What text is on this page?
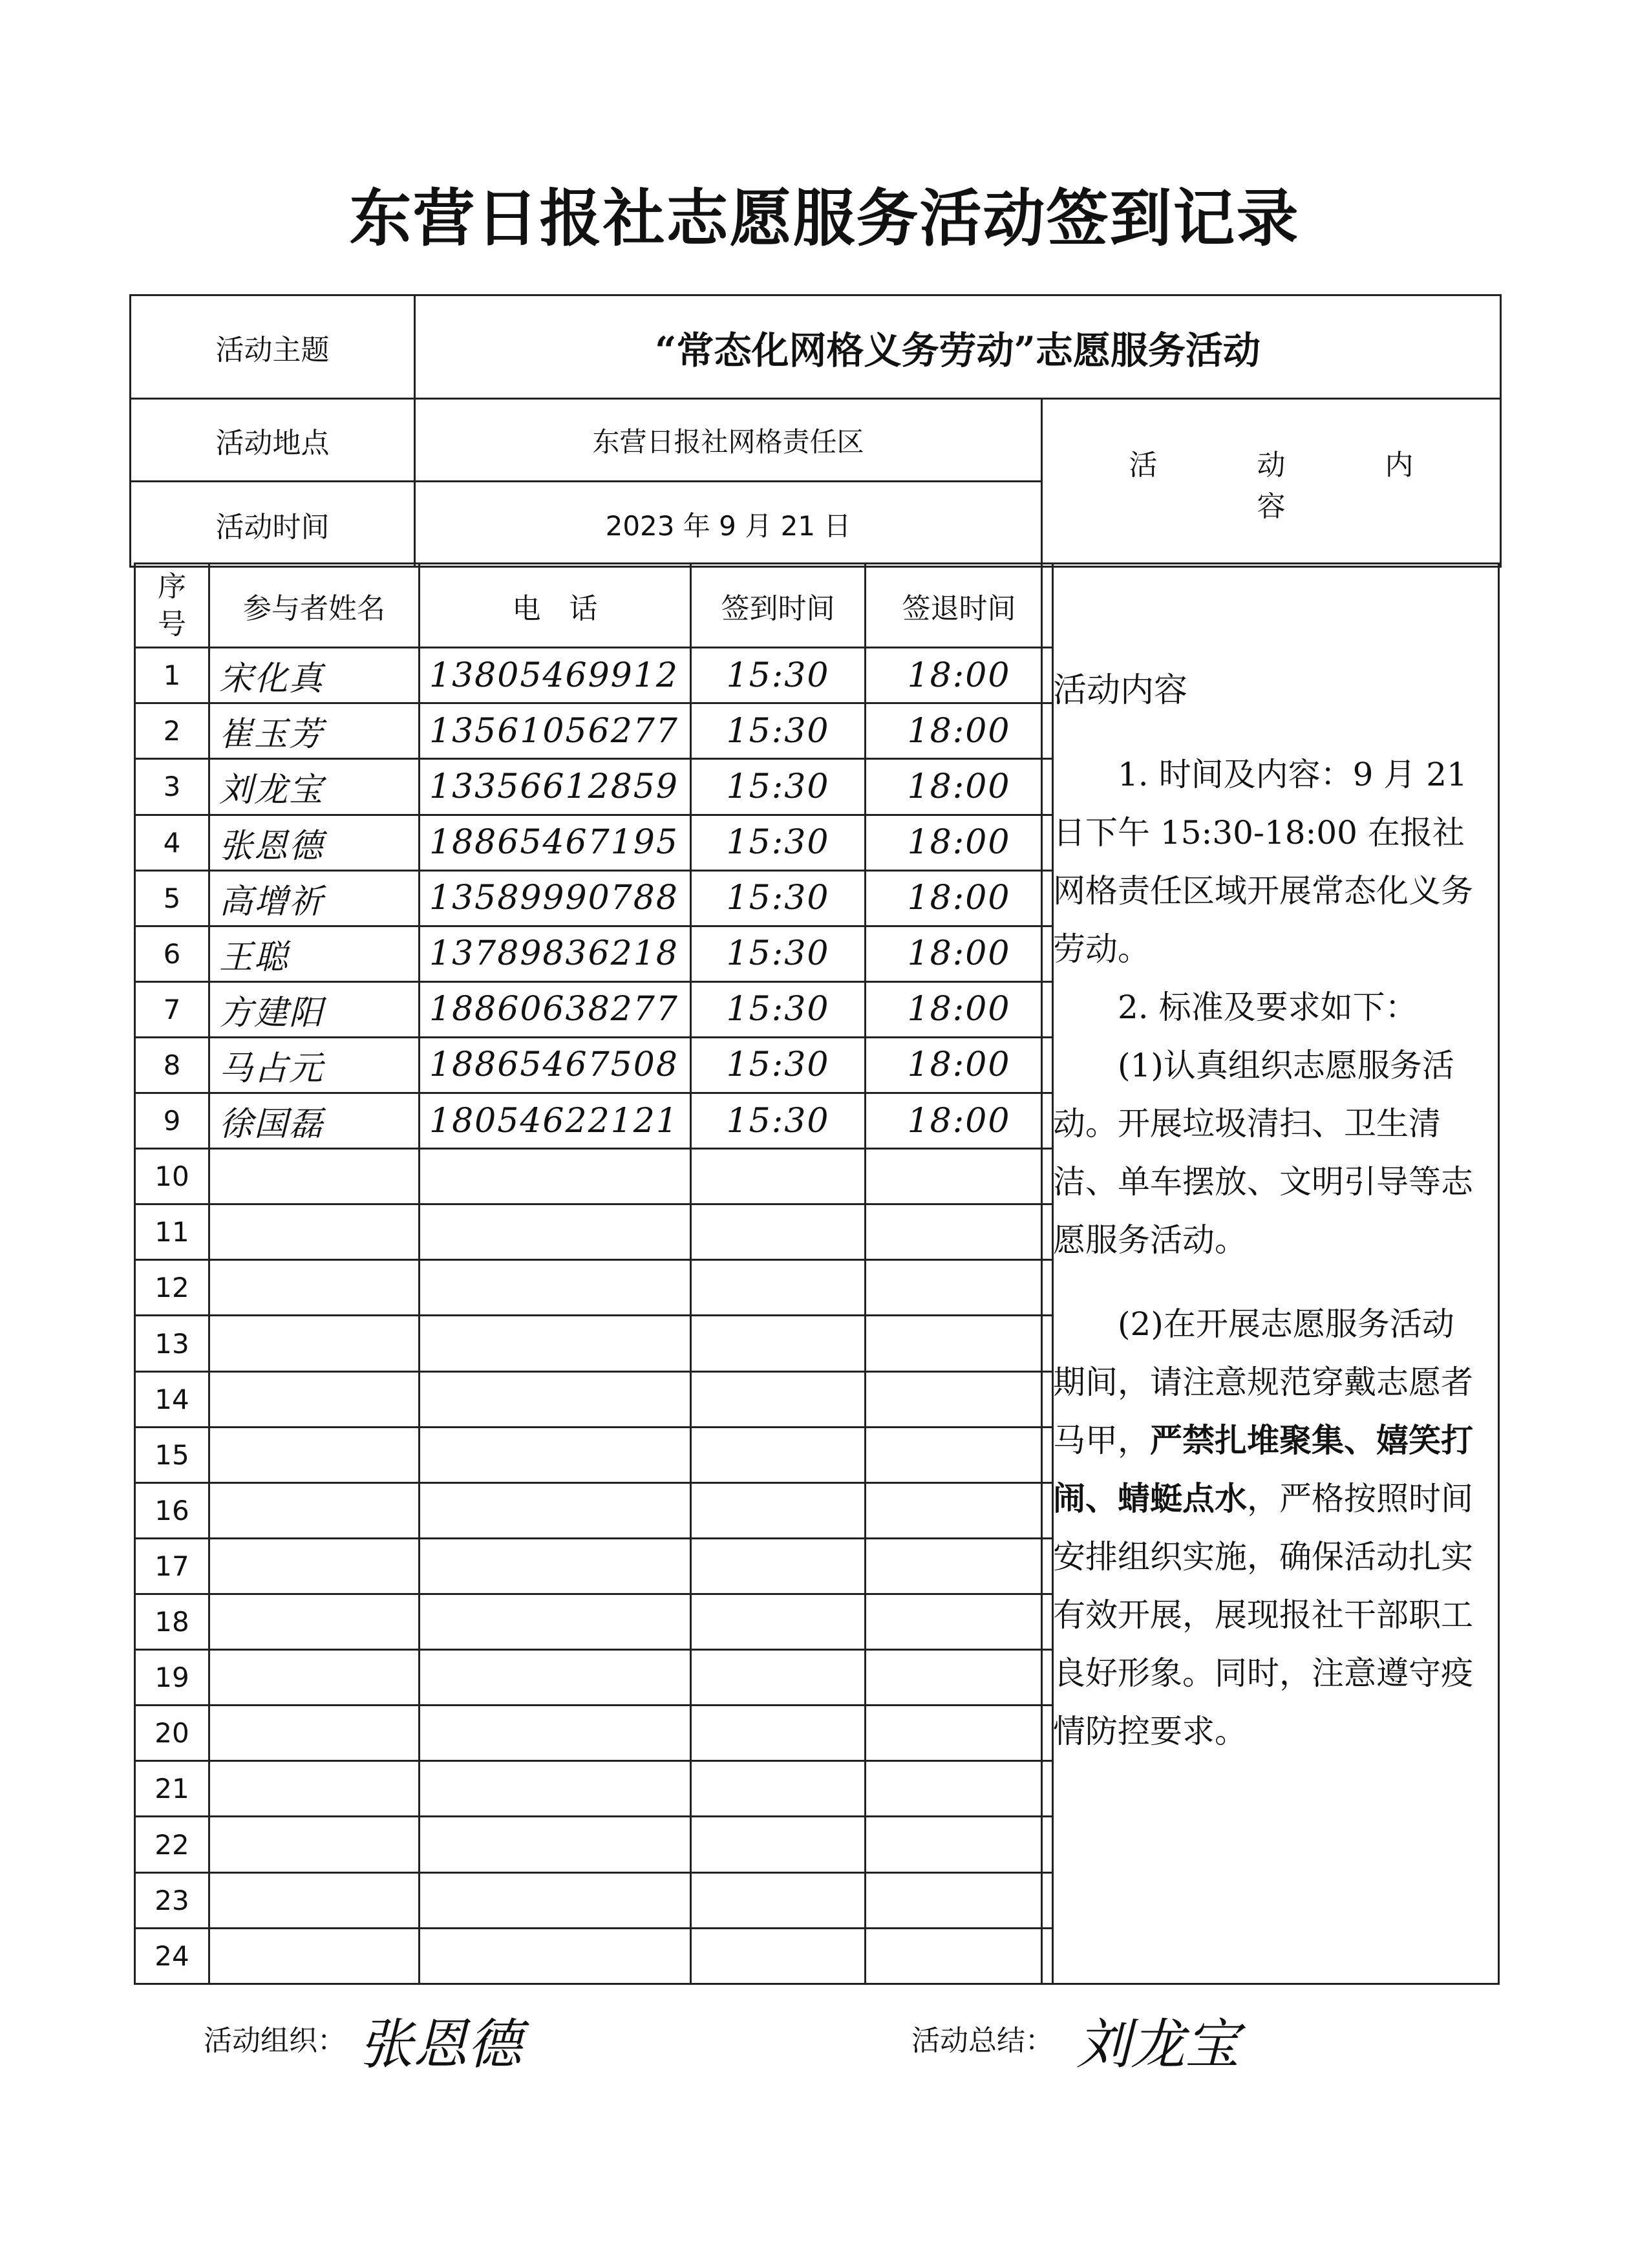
东营日报社志愿服务活动签到记录
活动主题	“常态化网格义务劳动”志愿服务活动	
活动地点	东营日报社网格责任区	活 动 内 容
活动时间	2023 年 9 月 21 日	
序号	参与者姓名	电　话	签到时间	签退时间
1	宋化真	13805469912	15:30	18:00
2	崔玉芳	13561056277	15:30	18:00
3	刘龙宝	13356612859	15:30	18:00
4	张恩德	18865467195	15:30	18:00
5	高增祈	13589990788	15:30	18:00
6	王聪	13789836218	15:30	18:00
7	方建阳	18860638277	15:30	18:00
8	马占元	18865467508	15:30	18:00
9	徐国磊	18054622121	15:30	18:00
10				
11				
12				
13				
14				
15				
16				
17				
18				
19				
20				
21				
22				
23				
24				
活动内容

1. 时间及内容：9 月 21 日下午 15:30-18:00 在报社网格责任区域开展常态化义务劳动。

2. 标准及要求如下：

(1)认真组织志愿服务活动。开展垃圾清扫、卫生清洁、单车摆放、文明引导等志愿服务活动。

(2)在开展志愿服务活动期间，请注意规范穿戴志愿者马甲，严禁扎堆聚集、嬉笑打闹、蜻蜓点水，严格按照时间安排组织实施，确保活动扎实有效开展，展现报社干部职工良好形象。同时，注意遵守疫情防控要求。

活动组织： 张恩德	活动总结： 刘龙宝
